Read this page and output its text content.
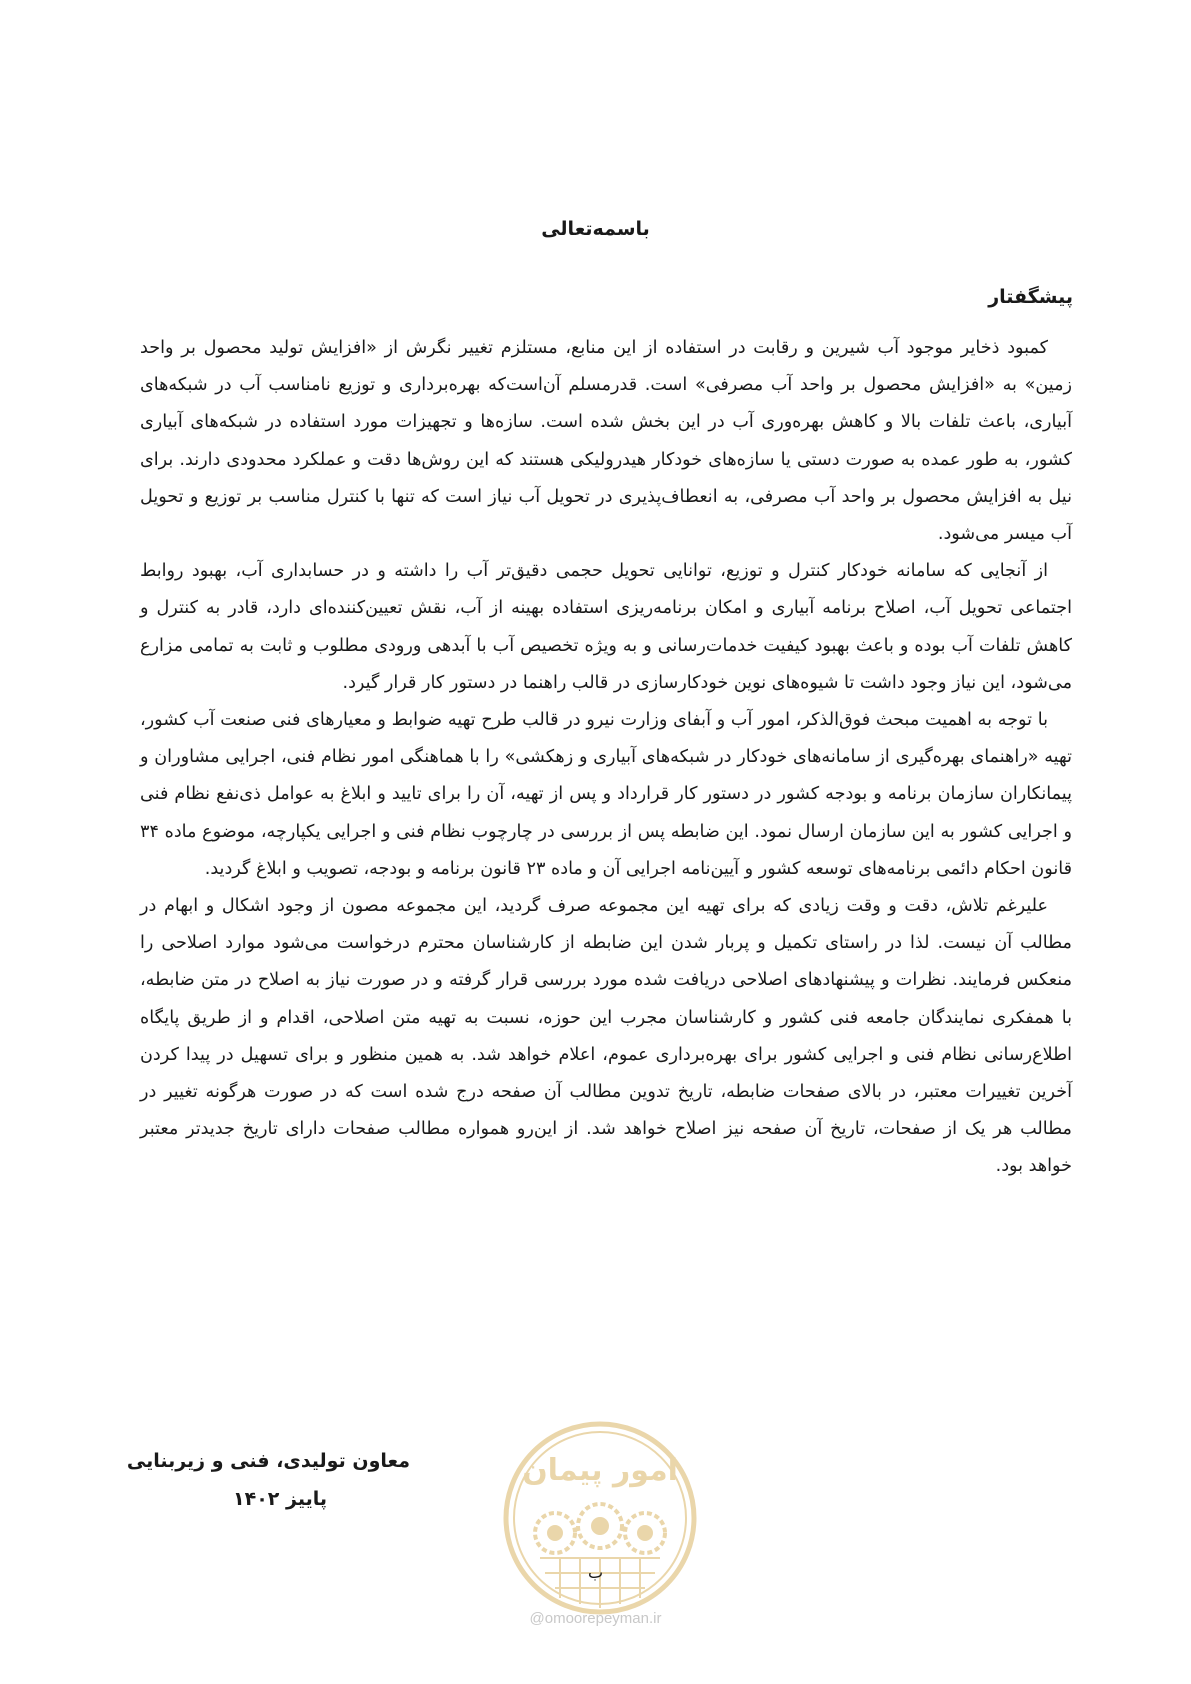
باسمه‌تعالی
پیشگفتار

کمبود ذخایر موجود آب شیرین و رقابت در استفاده از این منابع، مستلزم تغییر نگرش از «افزایش تولید محصول بر واحد زمین» به «افزایش محصول بر واحد آب مصرفی» است. قدرمسلم آن‌است‌که بهره‌برداری و توزیع نامناسب آب در شبکه‌های آبیاری، باعث تلفات بالا و کاهش بهره‌وری آب در این بخش شده است. سازه‌ها و تجهیزات مورد استفاده در شبکه‌های آبیاری کشور، به طور عمده به صورت دستی یا سازه‌های خودکار هیدرولیکی هستند که این روش‌ها دقت و عملکرد محدودی دارند. برای نیل به افزایش محصول بر واحد آب مصرفی، به انعطاف‌پذیری در تحویل آب نیاز است که تنها با کنترل مناسب بر توزیع و تحویل آب میسر می‌شود.

از آنجایی که سامانه خودکار کنترل و توزیع، توانایی تحویل حجمی دقیق‌تر آب را داشته و در حسابداری آب، بهبود روابط اجتماعی تحویل آب، اصلاح برنامه آبیاری و امکان برنامه‌ریزی استفاده بهینه از آب، نقش تعیین‌کننده‌ای دارد، قادر به کنترل و کاهش تلفات آب بوده و باعث بهبود کیفیت خدمات‌رسانی و به ویژه تخصیص آب با آبدهی ورودی مطلوب و ثابت به تمامی مزارع می‌شود، این نیاز وجود داشت تا شیوه‌های نوین خودکارسازی در قالب راهنما در دستور کار قرار گیرد.

با توجه به اهمیت مبحث فوق‌الذکر، امور آب و آبفای وزارت نیرو در قالب طرح تهیه ضوابط و معیارهای فنی صنعت آب کشور، تهیه «راهنمای بهره‌گیری از سامانه‌های خودکار در شبکه‌های آبیاری و زهکشی» را با هماهنگی امور نظام فنی، اجرایی مشاوران و پیمانکاران سازمان برنامه و بودجه کشور در دستور کار قرارداد و پس از تهیه، آن را برای تایید و ابلاغ به عوامل ذی‌نفع نظام فنی و اجرایی کشور به این سازمان ارسال نمود. این ضابطه پس از بررسی در چارچوب نظام فنی و اجرایی یکپارچه، موضوع ماده ۳۴ قانون احکام دائمی برنامه‌های توسعه کشور و آیین‌نامه اجرایی آن و ماده ۲۳ قانون برنامه و بودجه، تصویب و ابلاغ گردید.

علیرغم تلاش، دقت و وقت زیادی که برای تهیه این مجموعه صرف گردید، این مجموعه مصون از وجود اشکال و ابهام در مطالب آن نیست. لذا در راستای تکمیل و پربار شدن این ضابطه از کارشناسان محترم درخواست می‌شود موارد اصلاحی را منعکس فرمایند. نظرات و پیشنهادهای اصلاحی دریافت شده مورد بررسی قرار گرفته و در صورت نیاز به اصلاح در متن ضابطه، با همفکری نمایندگان جامعه فنی کشور و کارشناسان مجرب این حوزه، نسبت به تهیه متن اصلاحی، اقدام و از طریق پایگاه اطلاع‌رسانی نظام فنی و اجرایی کشور برای بهره‌برداری عموم، اعلام خواهد شد. به همین منظور و برای تسهیل در پیدا کردن آخرین تغییرات معتبر، در بالای صفحات ضابطه، تاریخ تدوین مطالب آن صفحه درج شده است که در صورت هرگونه تغییر در مطالب هر یک از صفحات، تاریخ آن صفحه نیز اصلاح خواهد شد. از این‌رو همواره مطالب صفحات دارای تاریخ جدیدتر معتبر خواهد بود.

معاون تولیدی، فنی و زیربنایی
پاییز ۱۴۰۲
امور پیمان
ب
@omoorepeyman.ir
